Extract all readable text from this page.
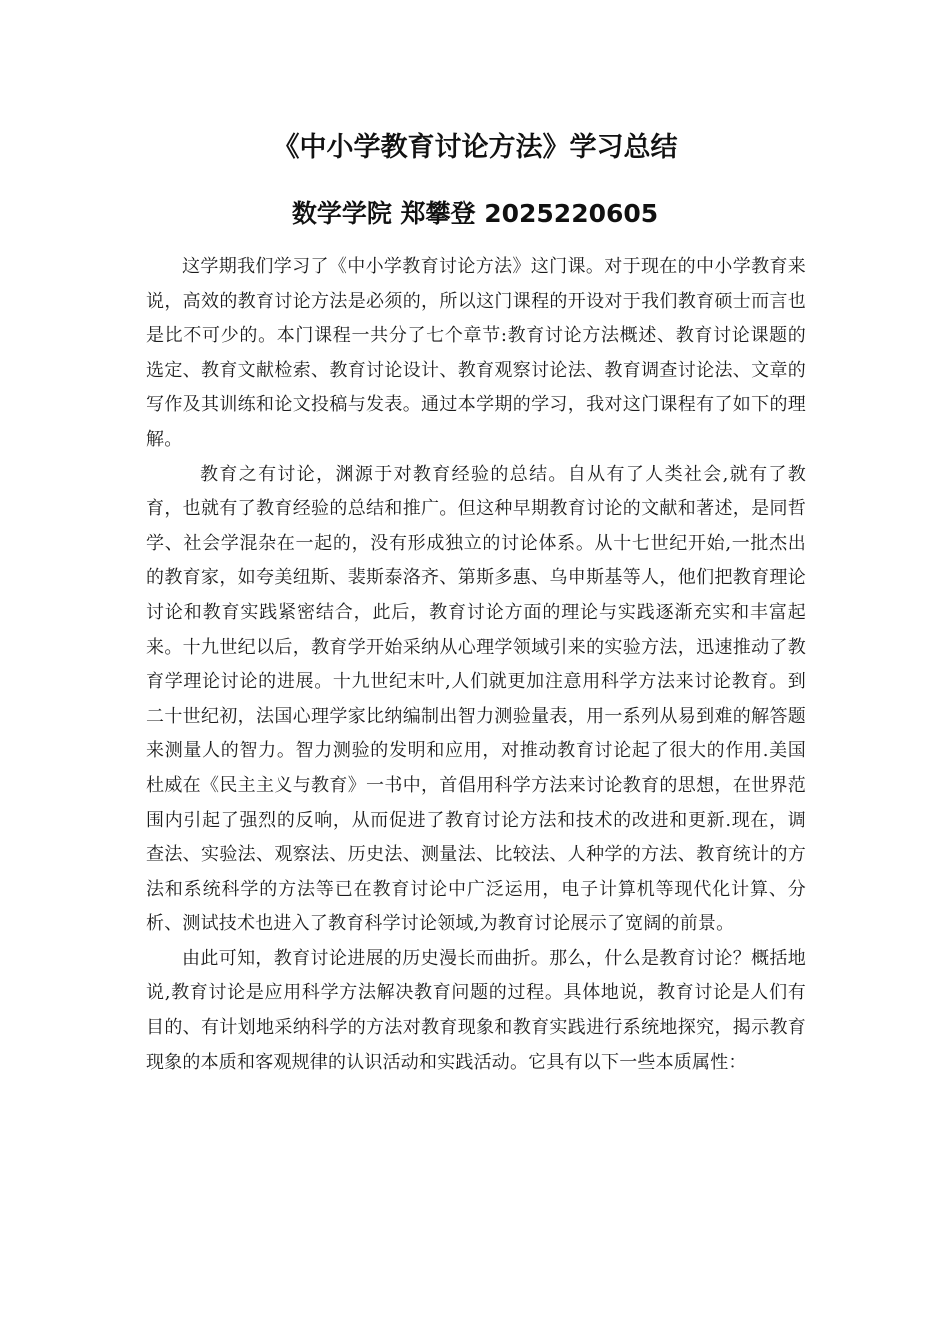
《中小学教育讨论方法》学习总结
数学学院 郑攀登 2025220605

这学期我们学习了《中小学教育讨论方法》这门课。对于现在的中小学教育来说，高效的教育讨论方法是必须的，所以这门课程的开设对于我们教育硕士而言也是比不可少的。本门课程一共分了七个章节:教育讨论方法概述、教育讨论课题的选定、教育文献检索、教育讨论设计、教育观察讨论法、教育调查讨论法、文章的写作及其训练和论文投稿与发表。通过本学期的学习，我对这门课程有了如下的理解。

教育之有讨论，渊源于对教育经验的总结。自从有了人类社会,就有了教育，也就有了教育经验的总结和推广。但这种早期教育讨论的文献和著述，是同哲学、社会学混杂在一起的，没有形成独立的讨论体系。从十七世纪开始,一批杰出的教育家，如夸美纽斯、裴斯泰洛齐、第斯多惠、乌申斯基等人，他们把教育理论讨论和教育实践紧密结合，此后，教育讨论方面的理论与实践逐渐充实和丰富起来。十九世纪以后，教育学开始采纳从心理学领域引来的实验方法，迅速推动了教育学理论讨论的进展。十九世纪末叶,人们就更加注意用科学方法来讨论教育。到二十世纪初，法国心理学家比纳编制出智力测验量表，用一系列从易到难的解答题来测量人的智力。智力测验的发明和应用，对推动教育讨论起了很大的作用.美国杜威在《民主主义与教育》一书中，首倡用科学方法来讨论教育的思想，在世界范围内引起了强烈的反响，从而促进了教育讨论方法和技术的改进和更新.现在，调查法、实验法、观察法、历史法、测量法、比较法、人种学的方法、教育统计的方法和系统科学的方法等已在教育讨论中广泛运用，电子计算机等现代化计算、分析、测试技术也进入了教育科学讨论领域,为教育讨论展示了宽阔的前景。

由此可知，教育讨论进展的历史漫长而曲折。那么，什么是教育讨论？概括地说,教育讨论是应用科学方法解决教育问题的过程。具体地说，教育讨论是人们有目的、有计划地采纳科学的方法对教育现象和教育实践进行系统地探究，揭示教育现象的本质和客观规律的认识活动和实践活动。它具有以下一些本质属性：
